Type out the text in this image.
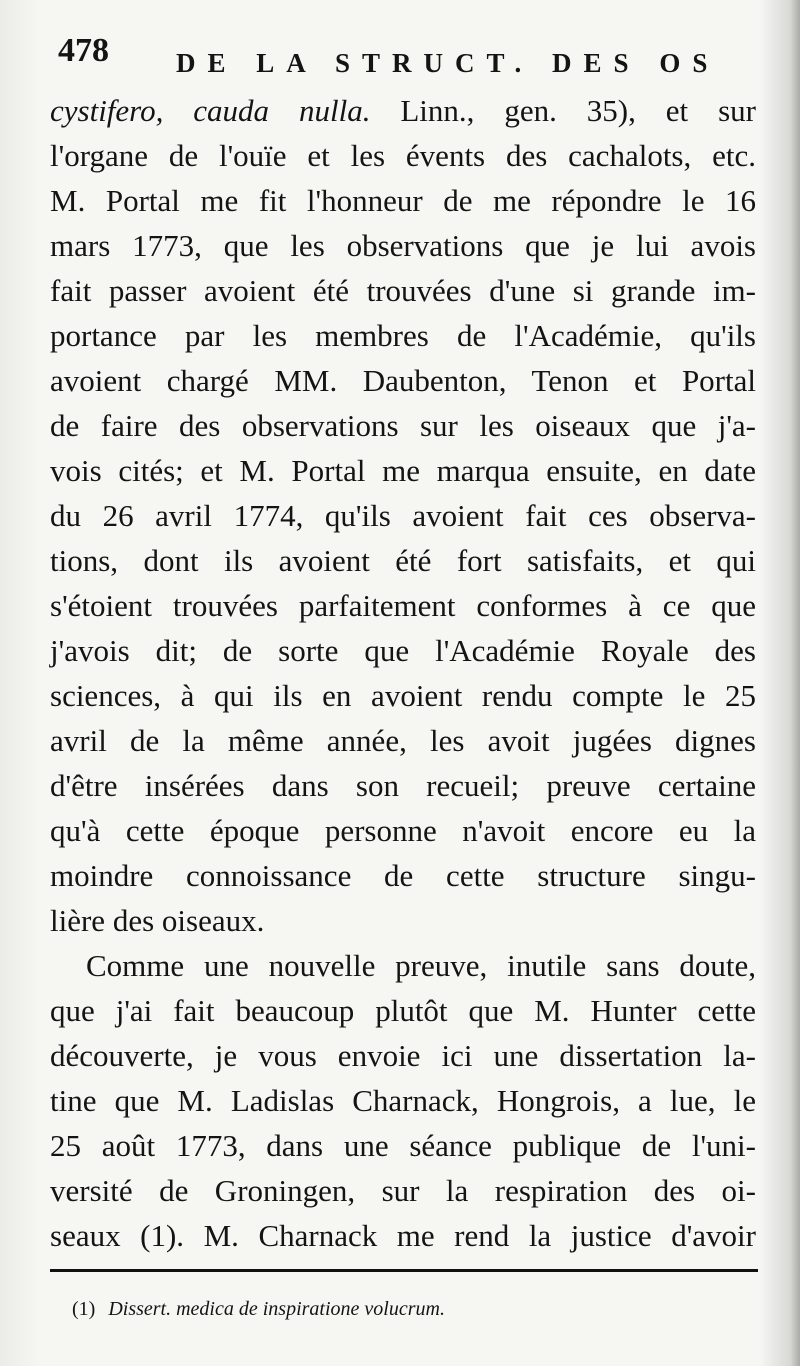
478 DE LA STRUCT. DES OS
cystifero, cauda nulla. Linn., gen. 35), et sur
l'organe de l'ouïe et les évents des cachalots, etc.
M. Portal me fit l'honneur de me répondre le 16
mars 1773, que les observations que je lui avois
fait passer avoient été trouvées d'une si grande im-
portance par les membres de l'Académie, qu'ils
avoient chargé MM. Daubenton, Tenon et Portal
de faire des observations sur les oiseaux que j'a-
vois cités; et M. Portal me marqua ensuite, en date
du 26 avril 1774, qu'ils avoient fait ces observa-
tions, dont ils avoient été fort satisfaits, et qui
s'étoient trouvées parfaitement conformes à ce que
j'avois dit; de sorte que l'Académie Royale des
sciences, à qui ils en avoient rendu compte le 25
avril de la même année, les avoit jugées dignes
d'être insérées dans son recueil; preuve certaine
qu'à cette époque personne n'avoit encore eu la
moindre connoissance de cette structure singu-
lière des oiseaux.
Comme une nouvelle preuve, inutile sans doute,
que j'ai fait beaucoup plutôt que M. Hunter cette
découverte, je vous envoie ici une dissertation la-
tine que M. Ladislas Charnack, Hongrois, a lue, le
25 août 1773, dans une séance publique de l'uni-
versité de Groningen, sur la respiration des oi-
seaux (1). M. Charnack me rend la justice d'avoir
(1) Dissert. medica de inspiratione volucrum.
